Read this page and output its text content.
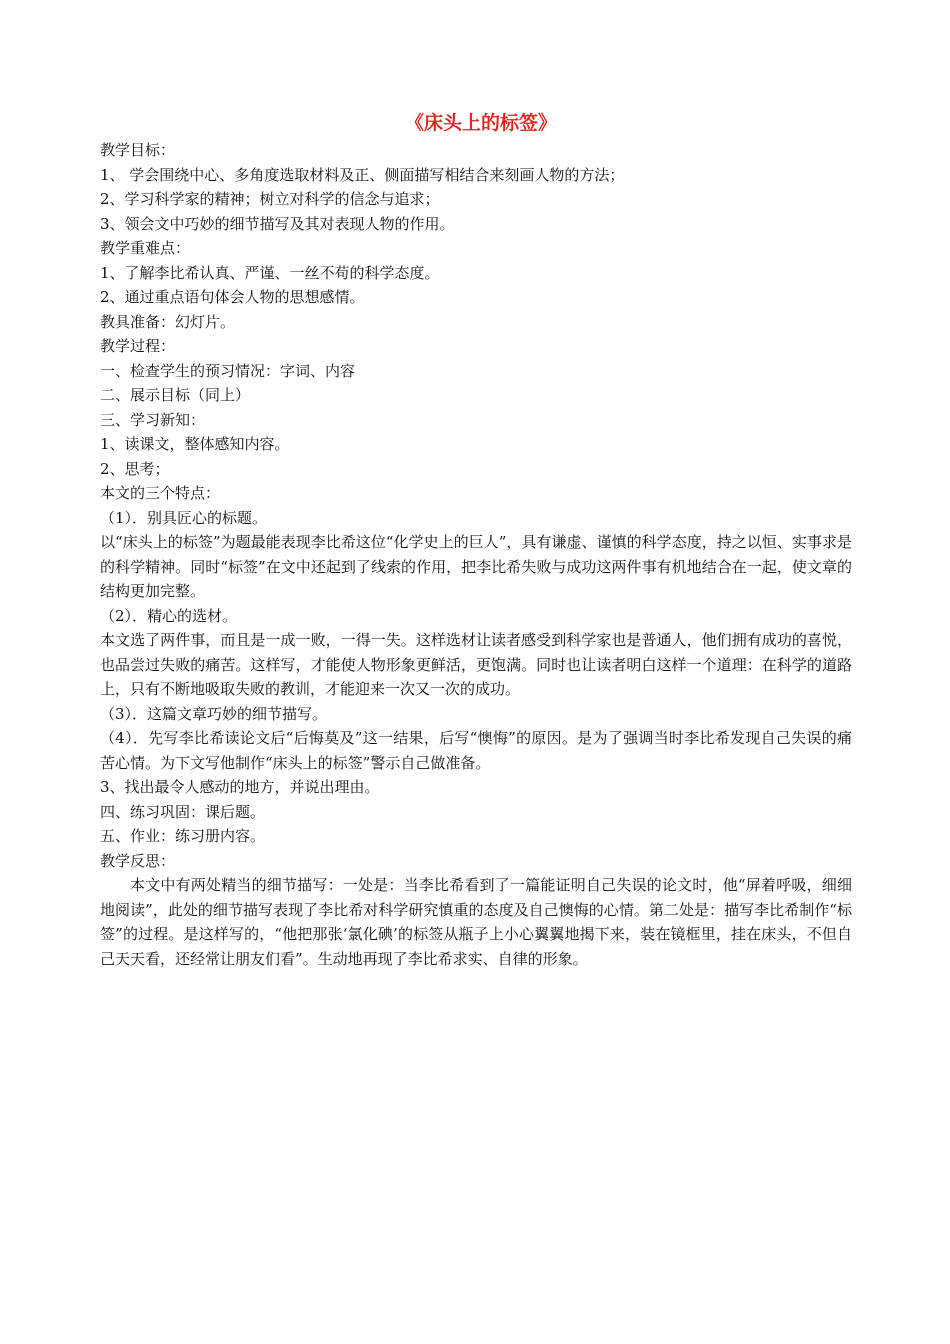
《床头上的标签》

教学目标：

1、 学会围绕中心、多角度选取材料及正、侧面描写相结合来刻画人物的方法；

2、学习科学家的精神；树立对科学的信念与追求；

3、领会文中巧妙的细节描写及其对表现人物的作用。

教学重难点：

1、了解李比希认真、严谨、一丝不苟的科学态度。

2、通过重点语句体会人物的思想感情。

教具准备：幻灯片。

教学过程：

一、检查学生的预习情况：字词、内容

二、展示目标（同上）

三、学习新知：

1、读课文，整体感知内容。

2、思考；

本文的三个特点：

（1）．别具匠心的标题。

以“床头上的标签”为题最能表现李比希这位“化学史上的巨人”，具有谦虚、谨慎的科学态度，持之以恒、实事求是的科学精神。同时“标签”在文中还起到了线索的作用，把李比希失败与成功这两件事有机地结合在一起，使文章的结构更加完整。

（2）．精心的选材。

本文选了两件事，而且是一成一败，一得一失。这样选材让读者感受到科学家也是普通人，他们拥有成功的喜悦，也品尝过失败的痛苦。这样写，才能使人物形象更鲜活，更饱满。同时也让读者明白这样一个道理：在科学的道路上，只有不断地吸取失败的教训，才能迎来一次又一次的成功。

（3）．这篇文章巧妙的细节描写。

（4）．先写李比希读论文后“后悔莫及”这一结果，后写“懊悔”的原因。是为了强调当时李比希发现自己失误的痛苦心情。为下文写他制作“床头上的标签”警示自己做准备。

3、找出最令人感动的地方，并说出理由。

四、练习巩固：课后题。

五、作业：练习册内容。

教学反思：

本文中有两处精当的细节描写：一处是：当李比希看到了一篇能证明自己失误的论文时，他“屏着呼吸，细细地阅读”，此处的细节描写表现了李比希对科学研究慎重的态度及自己懊悔的心情。第二处是：描写李比希制作“标签”的过程。是这样写的，“他把那张‘氯化碘’的标签从瓶子上小心翼翼地揭下来，装在镜框里，挂在床头，不但自己天天看，还经常让朋友们看”。生动地再现了李比希求实、自律的形象。
